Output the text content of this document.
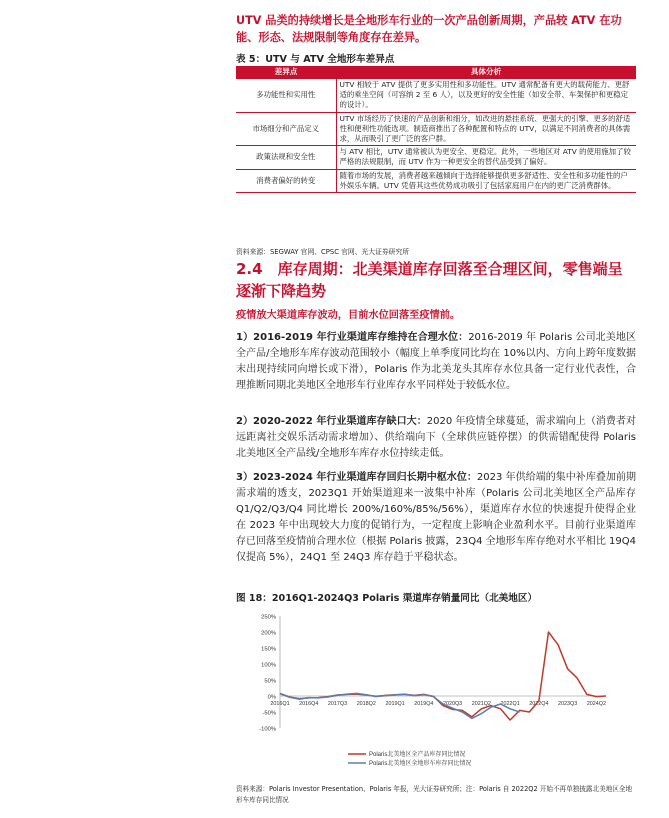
UTV 品类的持续增长是全地形车行业的一次产品创新周期，产品较 ATV 在功能、形态、法规限制等角度存在差异。
表 5：UTV 与 ATV 全地形车差异点
差异点	具体分析
多功能性和实用性	UTV 相较于 ATV 提供了更多实用性和多功能性。UTV 通常配备有更大的载荷能力、更舒适的乘坐空间（可容纳 2 至 6 人），以及更好的安全性能（如安全带、车架保护和更稳定的设计）。
市场细分和产品定义	UTV 市场经历了快速的产品创新和细分，如改进的悬挂系统、更强大的引擎、更多的舒适性和便利性功能选项。制造商推出了各种配置和特点的 UTV，以满足不同消费者的具体需求，从而吸引了更广泛的客户群。
政策法规和安全性	与 ATV 相比，UTV 通常被认为更安全、更稳定。此外，一些地区对 ATV 的使用施加了较严格的法规限制，而 UTV 作为一种更安全的替代品受到了偏好。
消费者偏好的转变	随着市场的发展，消费者越来越倾向于选择能够提供更多舒适性、安全性和多功能性的户外娱乐车辆。UTV 凭借其这些优势成功吸引了包括家庭用户在内的更广泛消费群体。
资料来源：SEGWAY 官网、CPSC 官网、光大证券研究所
2.4　库存周期：北美渠道库存回落至合理区间，零售端呈逐渐下降趋势
疫情放大渠道库存波动，目前水位回落至疫情前。
1）2016-2019 年行业渠道库存维持在合理水位：2016-2019 年 Polaris 公司北美地区全产品/全地形车库存波动范围较小（幅度上单季度同比均在 10%以内、方向上跨年度数据末出现持续同向增长或下滑），Polaris 作为北美龙头其库存水位具备一定行业代表性，合理推断同期北美地区全地形车行业库存水平同样处于较低水位。
2）2020-2022 年行业渠道库存缺口大：2020 年疫情全球蔓延，需求端向上（消费者对远距离社交娱乐活动需求增加）、供给端向下（全球供应链停摆）的供需错配使得 Polaris 北美地区全产品线/全地形车库存水位持续走低。
3）2023-2024 年行业渠道库存回归长期中枢水位：2023 年供给端的集中补库叠加前期需求端的透支，2023Q1 开始渠道迎来一波集中补库（Polaris 公司北美地区全产品库存 Q1/Q2/Q3/Q4 同比增长 200%/160%/85%/56%），渠道库存水位的快速提升使得企业在 2023 年中出现较大力度的促销行为，一定程度上影响企业盈利水平。目前行业渠道库存已回落至疫情前合理水位（根据 Polaris 披露，23Q4 全地形车库存绝对水平相比 19Q4 仅提高 5%），24Q1 至 24Q3 库存趋于平稳状态。
图 18：2016Q1-2024Q3 Polaris 渠道库存销量同比（北美地区）
250%
200%
150%
100%
50%
0%
-50%
-100%
2016Q1 2016Q4 2017Q3 2018Q2 2019Q1 2019Q4 2020Q3 2021Q2 2022Q1 2022Q4 2023Q3 2024Q2
Polaris北美地区全产品库存同比情况
Polaris北美地区全地形车库存同比情况
资料来源：Polaris Investor Presentation、Polaris 年报，光大证券研究所；注：Polaris 自 2022Q2 开始不再单独披露北美地区全地形车库存同比情况
